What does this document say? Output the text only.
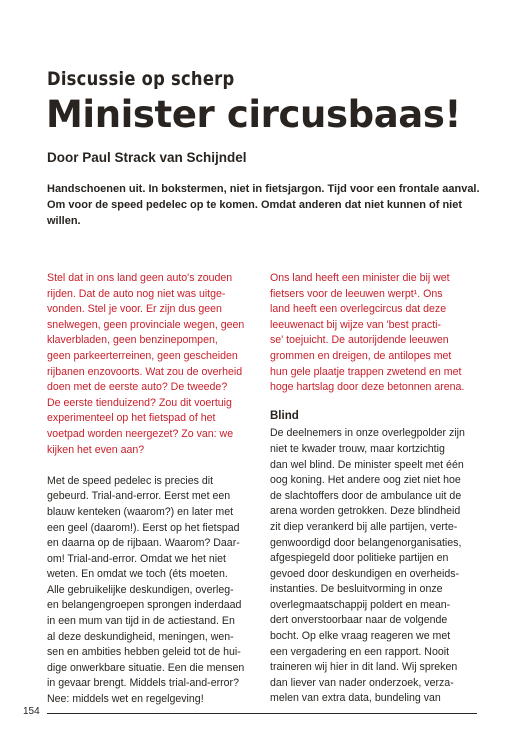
Discussie op scherp
Minister circusbaas!
Door Paul Strack van Schijndel
Handschoenen uit. In bokstermen, niet in fietsjargon. Tijd voor een frontale aanval.
Om voor de speed pedelec op te komen. Omdat anderen dat niet kunnen of niet
willen.

Stel dat in ons land geen auto's zouden
rijden. Dat de auto nog niet was uitge-
vonden. Stel je voor. Er zijn dus geen
snelwegen, geen provinciale wegen, geen
klaverbladen, geen benzinepompen,
geen parkeerterreinen, geen gescheiden
rijbanen enzovoorts. Wat zou de overheid
doen met de eerste auto? De tweede?
De eerste tienduizend? Zou dit voertuig
experimenteel op het fietspad of het
voetpad worden neergezet? Zo van: we
kijken het even aan?

Met de speed pedelec is precies dit
gebeurd. Trial-and-error. Eerst met een
blauw kenteken (waarom?) en later met
een geel (daarom!). Eerst op het fietspad
en daarna op de rijbaan. Waarom? Daar-
om! Trial-and-error. Omdat we het niet
weten. En omdat we toch (éts moeten.
Alle gebruikelijke deskundigen, overleg-
en belangengroepen sprongen inderdaad
in een mum van tijd in de actiestand. En
al deze deskundigheid, meningen, wen-
sen en ambities hebben geleid tot de hui-
dige onwerkbare situatie. Een die mensen
in gevaar brengt. Middels trial-and-error?
Nee: middels wet en regelgeving!

Ons land heeft een minister die bij wet
fietsers voor de leeuwen werpt¹. Ons
land heeft een overlegcircus dat deze
leeuwenact bij wijze van 'best practi-
se' toejuicht. De autorijdende leeuwen
grommen en dreigen, de antilopes met
hun gele plaatje trappen zwetend en met
hoge hartslag door deze betonnen arena.

Blind

De deelnemers in onze overlegpolder zijn
niet te kwader trouw, maar kortzichtig
dan wel blind. De minister speelt met één
oog koning. Het andere oog ziet niet hoe
de slachtoffers door de ambulance uit de
arena worden getrokken. Deze blindheid
zit diep verankerd bij alle partijen, verte-
genwoordigd door belangenorganisaties,
afgespiegeld door politieke partijen en
gevoed door deskundigen en overheids-
instanties. De besluitvorming in onze
overlegmaatschappij poldert en mean-
dert onverstoorbaar naar de volgende
bocht. Op elke vraag reageren we met
een vergadering en een rapport. Nooit
traineren wij hier in dit land. Wij spreken
dan liever van nader onderzoek, verza-
melen van extra data, bundeling van

154
